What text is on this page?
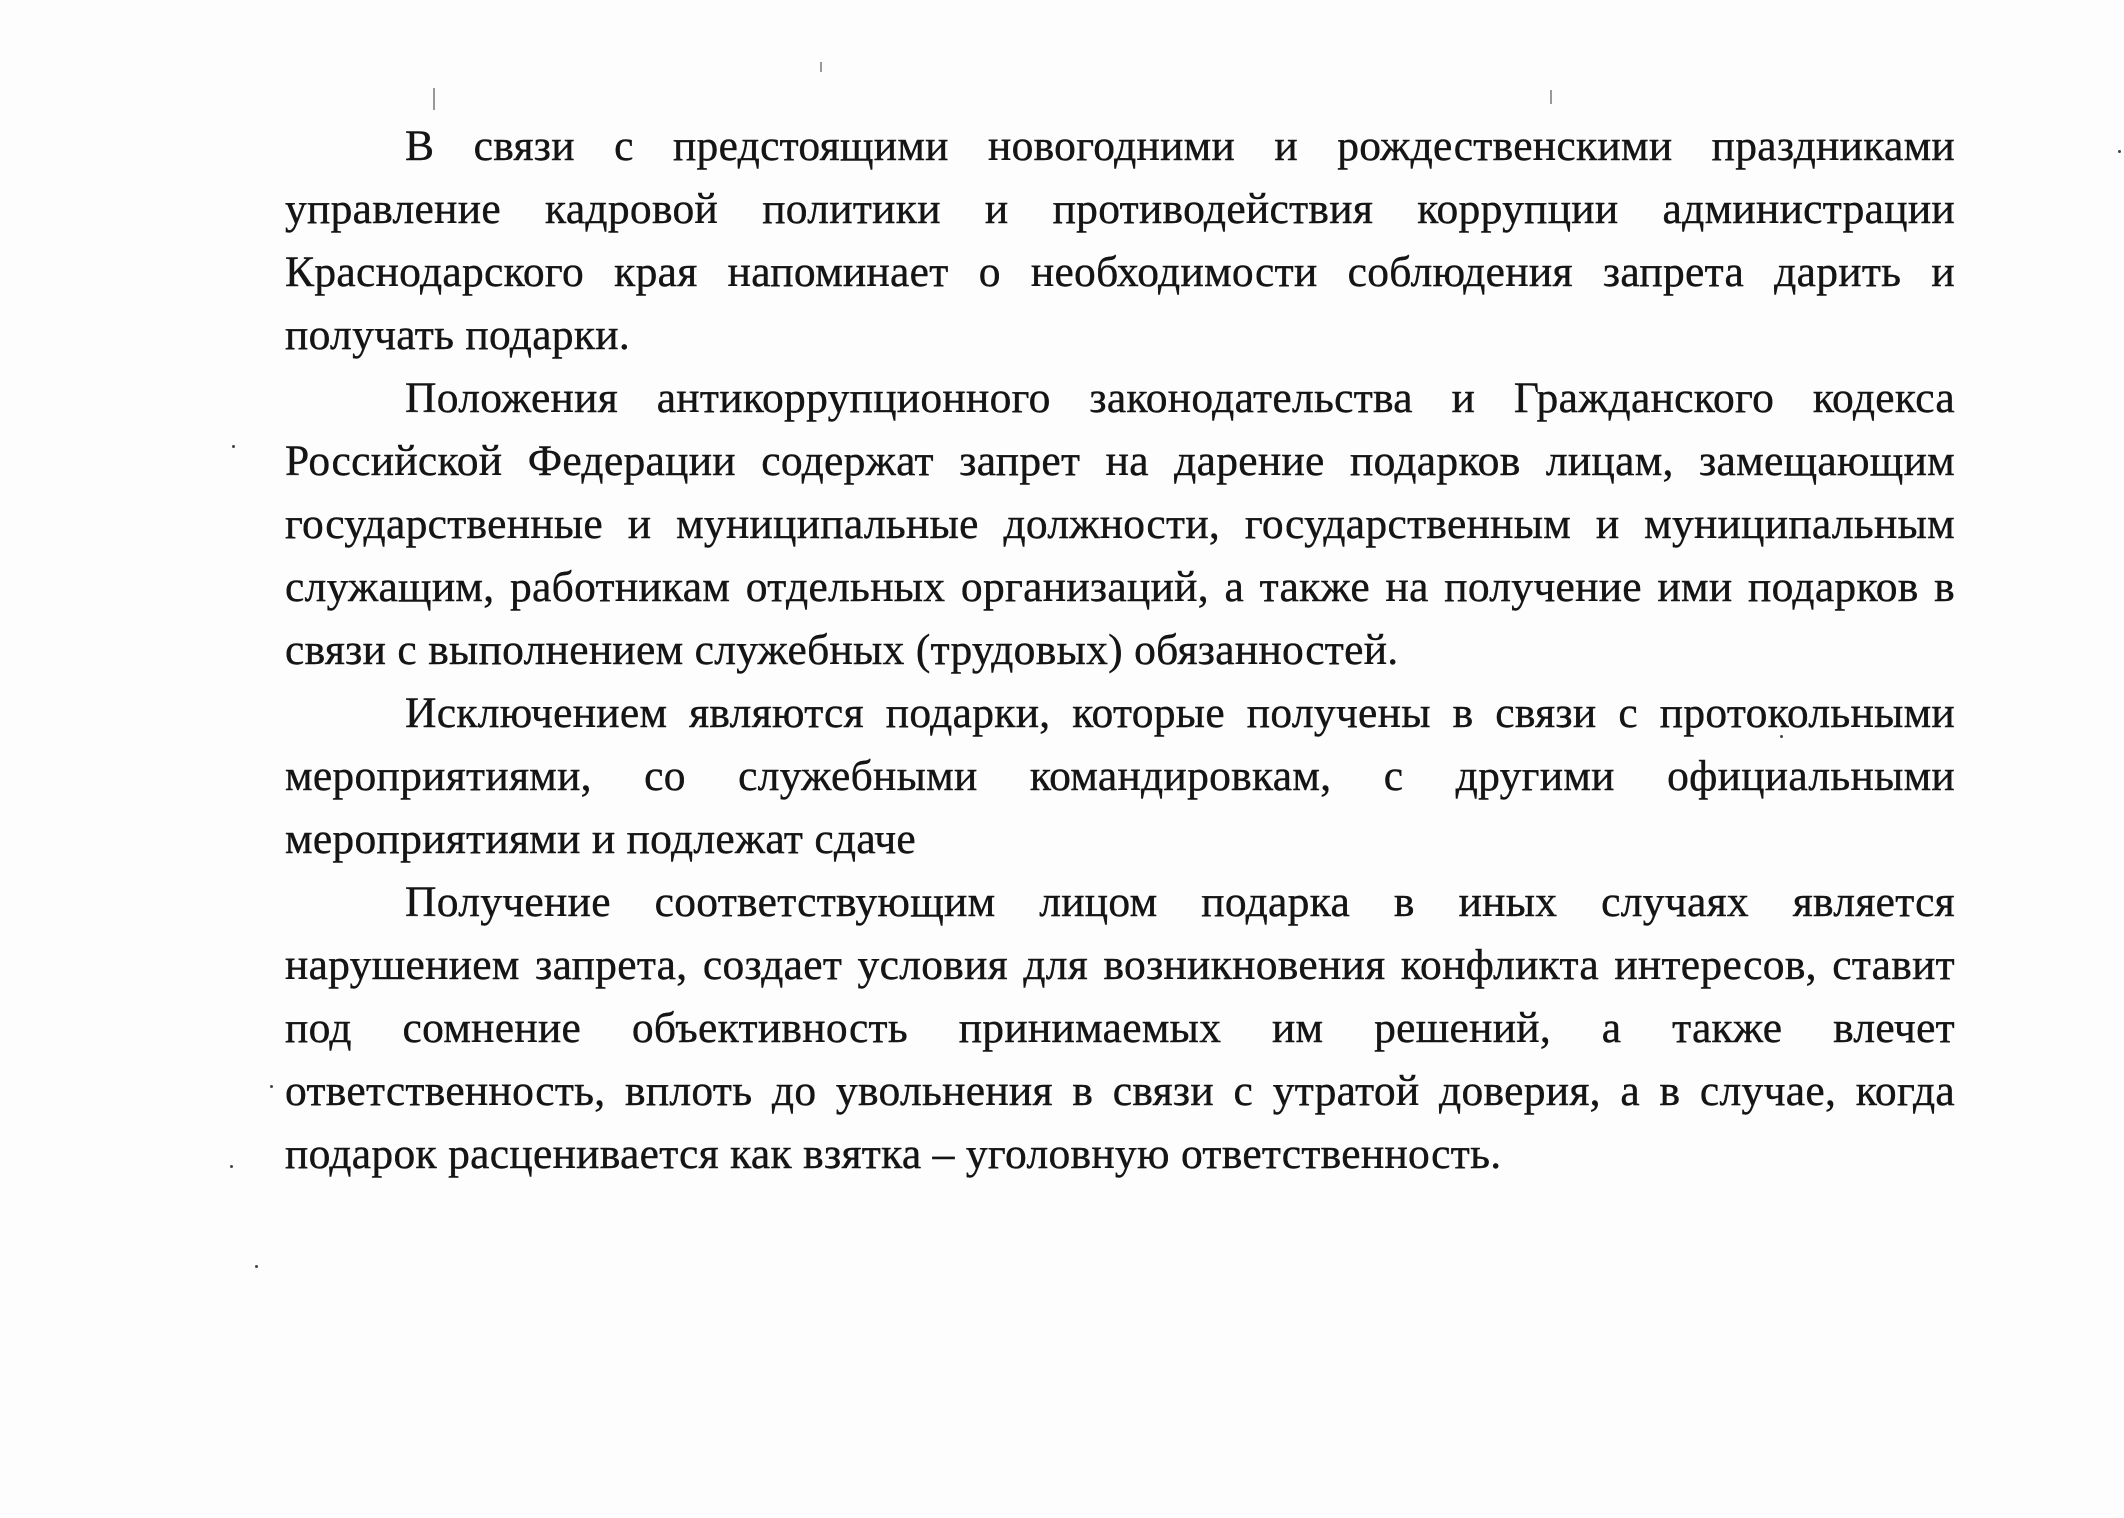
В связи с предстоящими новогодними и рождественскими праздниками управление кадровой политики и противодействия коррупции администрации Краснодарского края напоминает о необходимости соблюдения запрета дарить и получать подарки.

Положения антикоррупционного законодательства и Гражданского кодекса Российской Федерации содержат запрет на дарение подарков лицам, замещающим государственные и муниципальные должности, государственным и муниципальным служащим, работникам отдельных организаций, а также на получение ими подарков в связи с выполнением служебных (трудовых) обязанностей.

Исключением являются подарки, которые получены в связи с протокольными мероприятиями, со служебными командировкам, с другими официальными мероприятиями и подлежат сдаче

Получение соответствующим лицом подарка в иных случаях является нарушением запрета, создает условия для возникновения конфликта интересов, ставит под сомнение объективность принимаемых им решений, а также влечет ответственность, вплоть до увольнения в связи с утратой доверия, а в случае, когда подарок расценивается как взятка – уголовную ответственность.
